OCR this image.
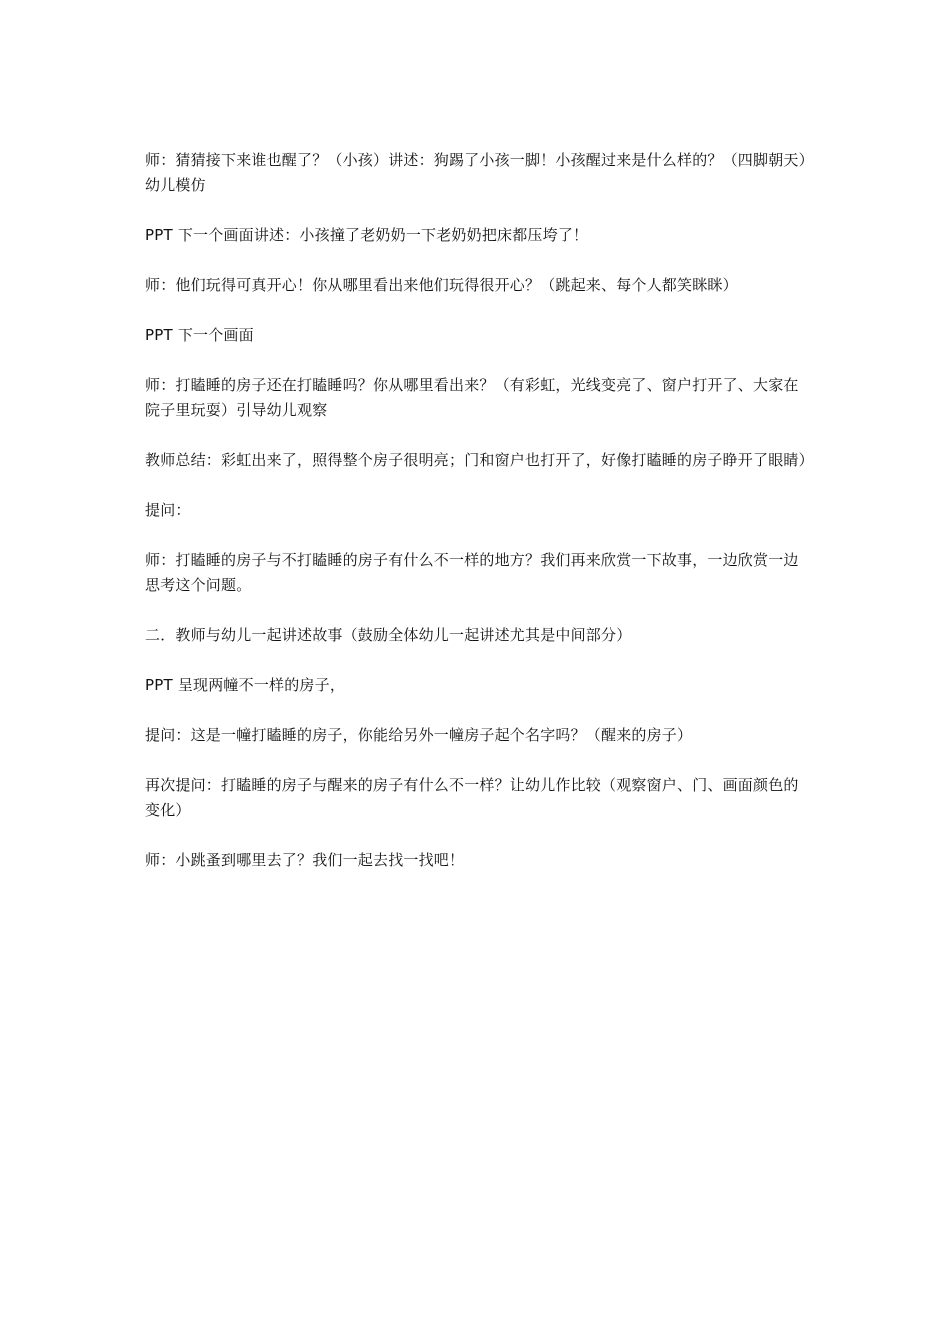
师：猜猜接下来谁也醒了？（小孩）讲述：狗踢了小孩一脚！小孩醒过来是什么样的？（四脚朝天）幼儿模仿

PPT 下一个画面讲述：小孩撞了老奶奶一下老奶奶把床都压垮了！

师：他们玩得可真开心！你从哪里看出来他们玩得很开心？（跳起来、每个人都笑眯眯）

PPT 下一个画面

师：打瞌睡的房子还在打瞌睡吗？你从哪里看出来？（有彩虹，光线变亮了、窗户打开了、大家在院子里玩耍）引导幼儿观察

教师总结：彩虹出来了，照得整个房子很明亮；门和窗户也打开了，好像打瞌睡的房子睁开了眼睛）

提问：

师：打瞌睡的房子与不打瞌睡的房子有什么不一样的地方？我们再来欣赏一下故事，一边欣赏一边思考这个问题。

二．教师与幼儿一起讲述故事（鼓励全体幼儿一起讲述尤其是中间部分）

PPT 呈现两幢不一样的房子，

提问：这是一幢打瞌睡的房子，你能给另外一幢房子起个名字吗？（醒来的房子）

再次提问：打瞌睡的房子与醒来的房子有什么不一样？让幼儿作比较（观察窗户、门、画面颜色的变化）

师：小跳蚤到哪里去了？我们一起去找一找吧！
